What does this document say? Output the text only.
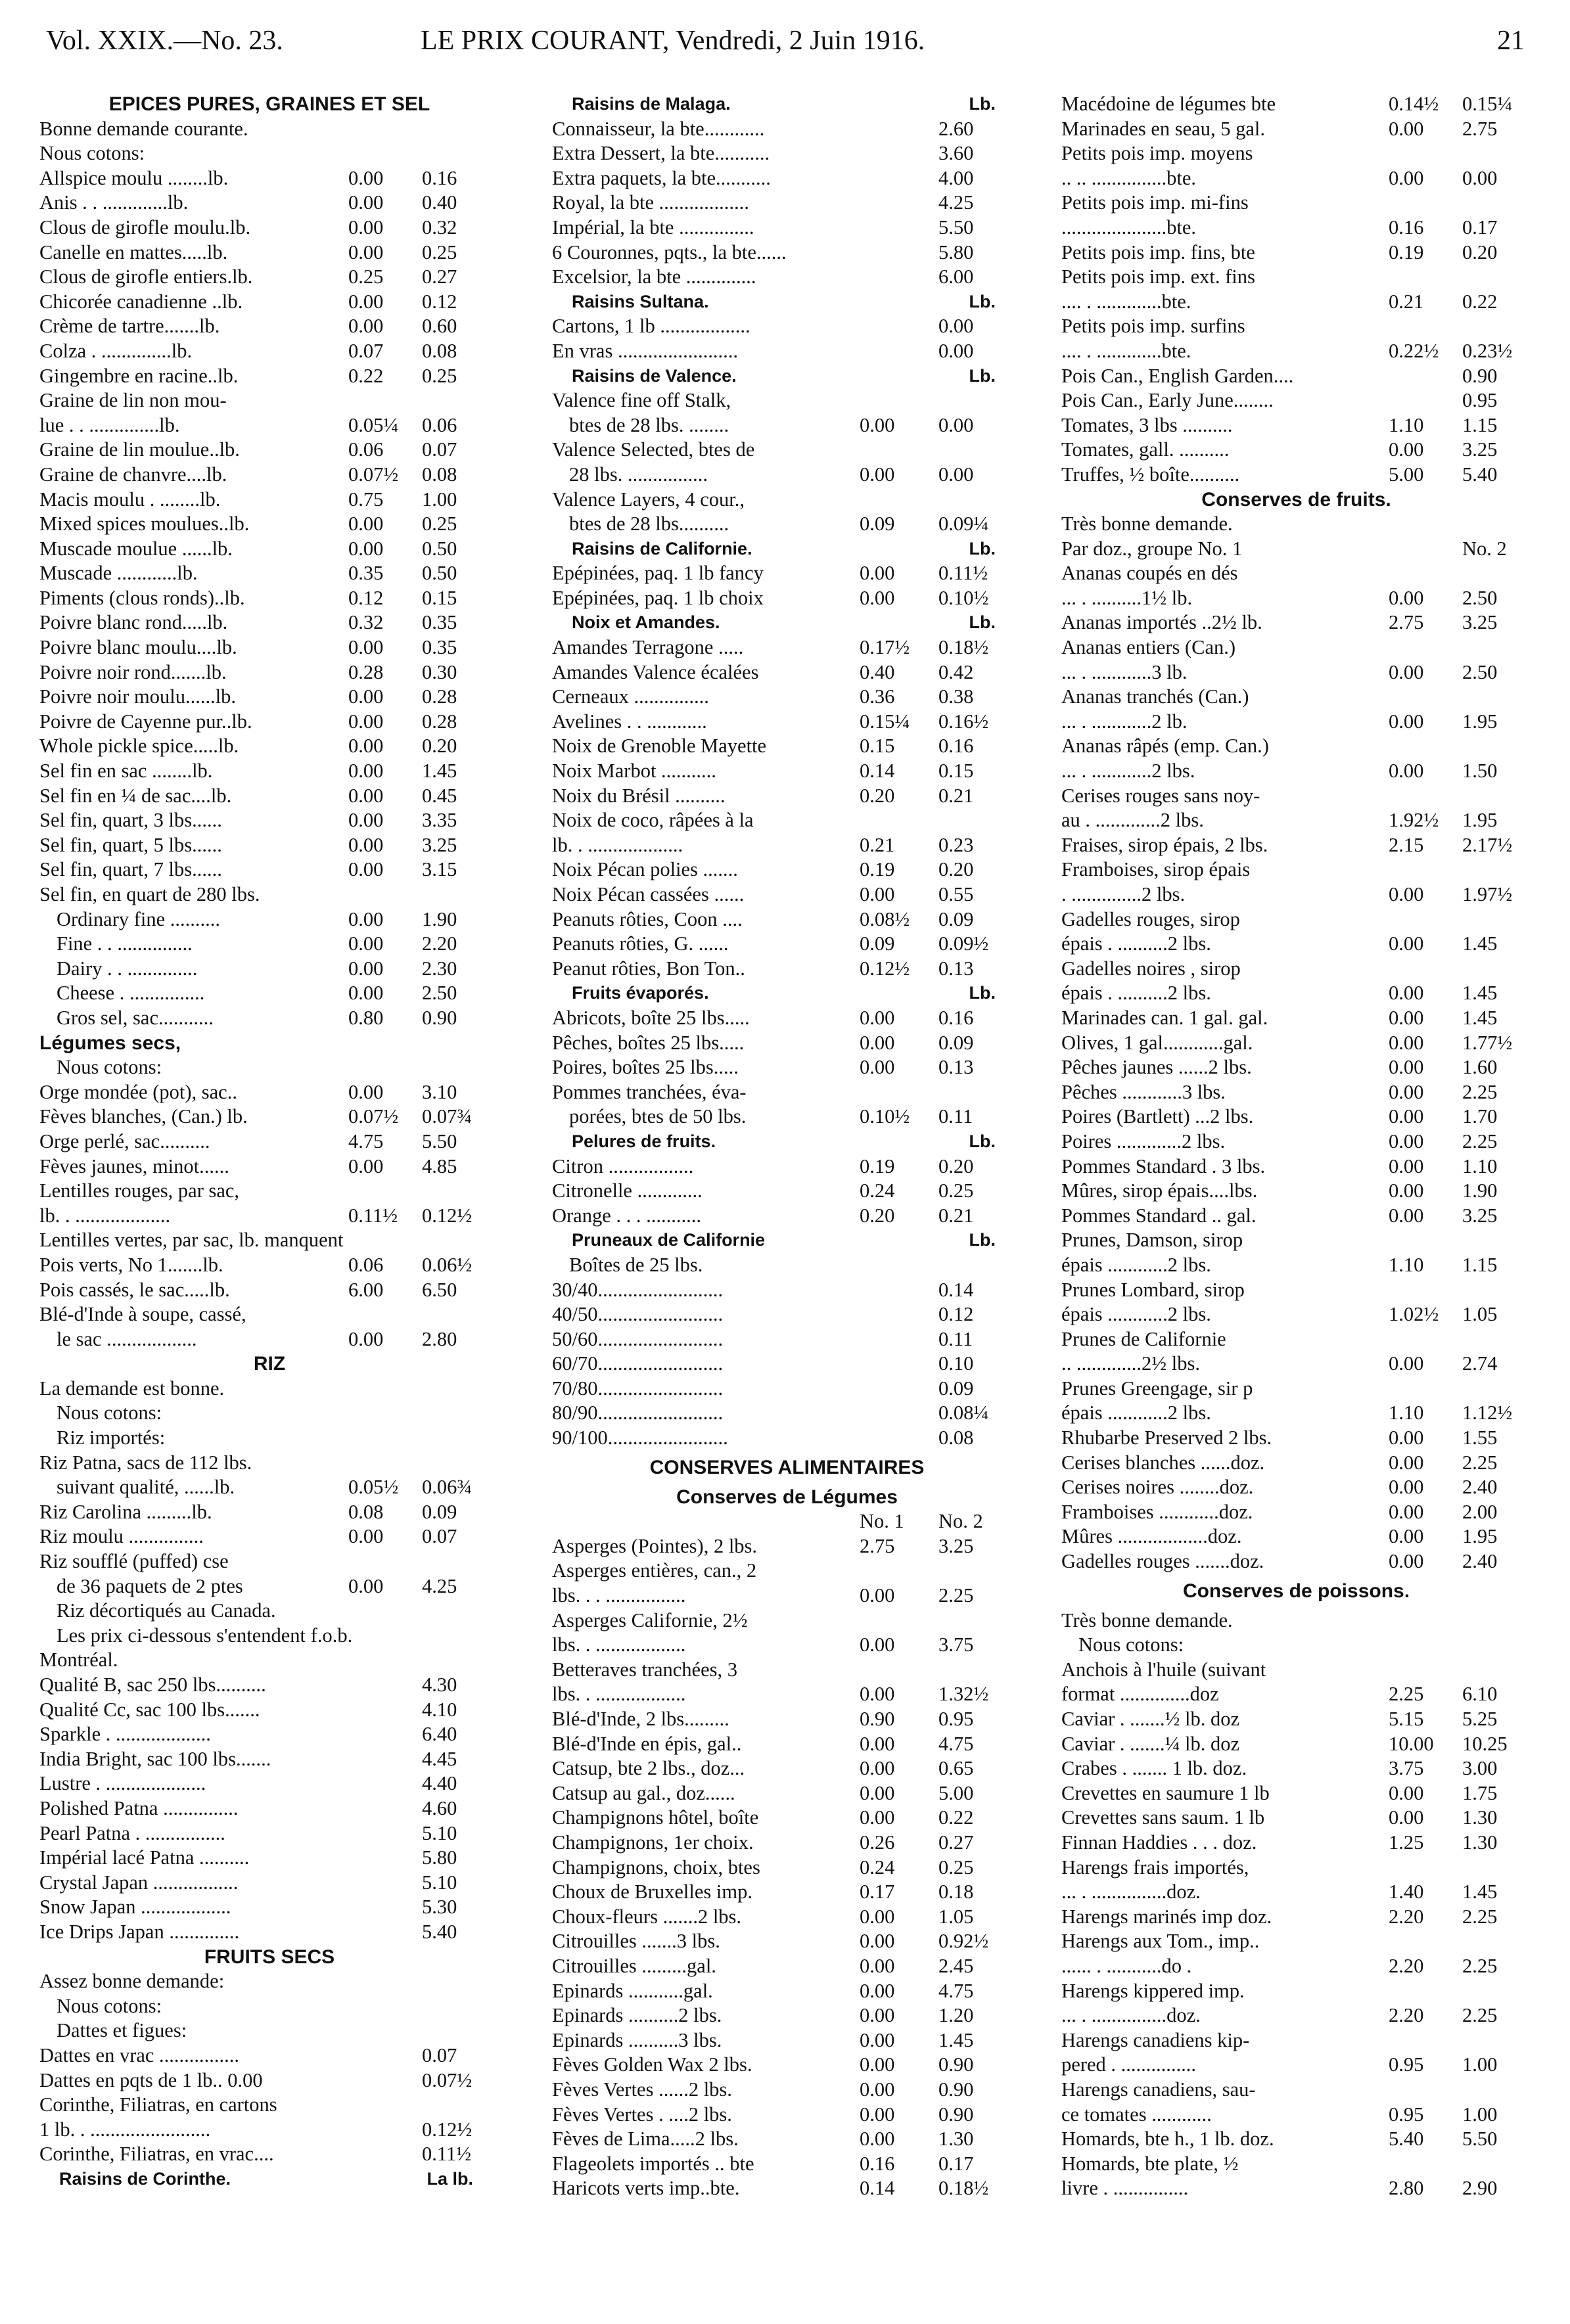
Vol. XXIX.—No. 23.	LE PRIX COURANT, Vendredi, 2 Juin 1916.	21
EPICES PURES, GRAINES ET SEL
Bonne demande courante.
Nous cotons:
Allspice moulu ........lb.	0.00 0.16
Anis . . .............lb.	0.00 0.40
Clous de girofle moulu.lb.	0.00 0.32
Canelle en mattes.....lb.	0.00 0.25
Clous de girofle entiers.lb.	0.25 0.27
Chicorée canadienne ..lb.	0.00 0.12
Crème de tartre.......lb.	0.00 0.60
Colza . ..............lb.	0.07 0.08
Gingembre en racine..lb.	0.22 0.25
Graine de lin non mou-
lue . . ..............lb.	0.05¼ 0.06
Graine de lin moulue..lb.	0.06 0.07
Graine de chanvre....lb.	0.07½ 0.08
Macis moulu . ........lb.	0.75 1.00
Mixed spices moulues..lb.	0.00 0.25
Muscade moulue ......lb.	0.00 0.50
Muscade ............lb.	0.35 0.50
Piments (clous ronds)..lb.	0.12 0.15
Poivre blanc rond.....lb.	0.32 0.35
Poivre blanc moulu....lb.	0.00 0.35
Poivre noir rond.......lb.	0.28 0.30
Poivre noir moulu......lb.	0.00 0.28
Poivre de Cayenne pur..lb.	0.00 0.28
Whole pickle spice.....lb.	0.00 0.20
Sel fin en sac ........lb.	0.00 1.45
Sel fin en ¼ de sac....lb.	0.00 0.45
Sel fin, quart, 3 lbs......	0.00 3.35
Sel fin, quart, 5 lbs......	0.00 3.25
Sel fin, quart, 7 lbs......	0.00 3.15
Sel fin, en quart de 280 lbs.
Ordinary fine ..........	0.00 1.90
Fine . . ...............	0.00 2.20
Dairy . . ..............	0.00 2.30
Cheese . ...............	0.00 2.50
Gros sel, sac...........	0.80 0.90
Légumes secs,
Nous cotons:
Orge mondée (pot), sac..	0.00 3.10
Fèves blanches, (Can.) lb.	0.07½ 0.07¾
Orge perlé, sac..........	4.75 5.50
Fèves jaunes, minot......	0.00 4.85
Lentilles rouges, par sac,
lb. . ...................	0.11½ 0.12½
Lentilles vertes, par sac, lb. manquent
Pois verts, No 1.......lb.	0.06 0.06½
Pois cassés, le sac.....lb.	6.00 6.50
Blé-d'Inde à soupe, cassé,
le sac ..................	0.00 2.80
RIZ
La demande est bonne.
Nous cotons:
Riz importés:
Riz Patna, sacs de 112 lbs.
suivant qualité, ......lb.	0.05½ 0.06¾
Riz Carolina .........lb.	0.08 0.09
Riz moulu ...............	0.00 0.07
Riz soufflé (puffed) cse
de 36 paquets de 2 ptes	0.00 4.25
Riz décortiqués au Canada.
Les prix ci-dessous s'entendent f.o.b.
Montréal.
Qualité B, sac 250 lbs..........	4.30
Qualité Cc, sac 100 lbs.......	4.10
Sparkle . ...................	6.40
India Bright, sac 100 lbs.......	4.45
Lustre . ....................	4.40
Polished Patna ...............	4.60
Pearl Patna . ................	5.10
Impérial lacé Patna ..........	5.80
Crystal Japan .................	5.10
Snow Japan ..................	5.30
Ice Drips Japan ..............	5.40
FRUITS SECS
Assez bonne demande:
Nous cotons:
Dattes et figues:
Dattes en vrac ................	0.07
Dattes en pqts de 1 lb.. 0.00	0.07½
Corinthe, Filiatras, en cartons
1 lb. . ........................	0.12½
Corinthe, Filiatras, en vrac....	0.11½
Raisins de Corinthe.	La lb.
Raisins de Malaga.	Lb.
Connaisseur, la bte............	2.60
Extra Dessert, la bte...........	3.60
Extra paquets, la bte...........	4.00
Royal, la bte ..................	4.25
Impérial, la bte ...............	5.50
6 Couronnes, pqts., la bte......	5.80
Excelsior, la bte ..............	6.00
Raisins Sultana.	Lb.
Cartons, 1 lb ..................	0.00
En vras ........................	0.00
Raisins de Valence.	Lb.
Valence fine off Stalk,
btes de 28 lbs. ........	0.00 0.00
Valence Selected, btes de
28 lbs. ................	0.00 0.00
Valence Layers, 4 cour.,
btes de 28 lbs..........	0.09 0.09¼
Raisins de Californie.	Lb.
Epépinées, paq. 1 lb fancy	0.00 0.11½
Epépinées, paq. 1 lb choix	0.00 0.10½
Noix et Amandes.	Lb.
Amandes Terragone .....	0.17½ 0.18½
Amandes Valence écalées	0.40 0.42
Cerneaux ...............	0.36 0.38
Avelines . . ............	0.15¼ 0.16½
Noix de Grenoble Mayette	0.15 0.16
Noix Marbot ...........	0.14 0.15
Noix du Brésil ..........	0.20 0.21
Noix de coco, râpées à la
lb. . ...................	0.21 0.23
Noix Pécan polies .......	0.19 0.20
Noix Pécan cassées ......	0.00 0.55
Peanuts rôties, Coon ....	0.08½ 0.09
Peanuts rôties, G. ......	0.09 0.09½
Peanut rôties, Bon Ton..	0.12½ 0.13
Fruits évaporés.	Lb.
Abricots, boîte 25 lbs.....	0.00 0.16
Pêches, boîtes 25 lbs.....	0.00 0.09
Poires, boîtes 25 lbs.....	0.00 0.13
Pommes tranchées, éva-
porées, btes de 50 lbs.	0.10½ 0.11
Pelures de fruits.	Lb.
Citron .................	0.19 0.20
Citronelle .............	0.24 0.25
Orange . . . ...........	0.20 0.21
Pruneaux de Californie	Lb.
Boîtes de 25 lbs.
30/40.........................	0.14
40/50.........................	0.12
50/60.........................	0.11
60/70.........................	0.10
70/80.........................	0.09
80/90.........................	0.08¼
90/100........................	0.08
CONSERVES ALIMENTAIRES
Conserves de Légumes
No. 1 No. 2
Asperges (Pointes), 2 lbs.	2.75 3.25
Asperges entières, can., 2
lbs. . . ................	0.00 2.25
Asperges Californie, 2½
lbs. . ..................	0.00 3.75
Betteraves tranchées, 3
lbs. . ..................	0.00 1.32½
Blé-d'Inde, 2 lbs.........	0.90 0.95
Blé-d'Inde en épis, gal..	0.00 4.75
Catsup, bte 2 lbs., doz...	0.00 0.65
Catsup au gal., doz......	0.00 5.00
Champignons hôtel, boîte	0.00 0.22
Champignons, 1er choix.	0.26 0.27
Champignons, choix, btes	0.24 0.25
Choux de Bruxelles imp.	0.17 0.18
Choux-fleurs .......2 lbs.	0.00 1.05
Citrouilles .......3 lbs.	0.00 0.92½
Citrouilles .........gal.	0.00 2.45
Epinards ...........gal.	0.00 4.75
Epinards ..........2 lbs.	0.00 1.20
Epinards ..........3 lbs.	0.00 1.45
Fèves Golden Wax 2 lbs.	0.00 0.90
Fèves Vertes ......2 lbs.	0.00 0.90
Fèves Vertes . ....2 lbs.	0.00 0.90
Fèves de Lima.....2 lbs.	0.00 1.30
Flageolets importés .. bte	0.16 0.17
Haricots verts imp..bte.	0.14 0.18½
Macédoine de légumes bte	0.14½ 0.15¼
Marinades en seau, 5 gal.	0.00 2.75
Petits pois imp. moyens
.. .. ...............bte.	0.00 0.00
Petits pois imp. mi-fins
.....................bte.	0.16 0.17
Petits pois imp. fins, bte	0.19 0.20
Petits pois imp. ext. fins
.... . .............bte.	0.21 0.22
Petits pois imp. surfins
.... . .............bte.	0.22½ 0.23½
Pois Can., English Garden....	0.90
Pois Can., Early June........	0.95
Tomates, 3 lbs ..........	1.10 1.15
Tomates, gall. ..........	0.00 3.25
Truffes, ½ boîte..........	5.00 5.40
Conserves de fruits.
Très bonne demande.
Par doz., groupe No. 1	No. 2
Ananas coupés en dés
... . ..........1½ lb.	0.00 2.50
Ananas importés ..2½ lb.	2.75 3.25
Ananas entiers (Can.)
... . ............3 lb.	0.00 2.50
Ananas tranchés (Can.)
... . ............2 lb.	0.00 1.95
Ananas râpés (emp. Can.)
... . ............2 lbs.	0.00 1.50
Cerises rouges sans noy-
au . .............2 lbs.	1.92½ 1.95
Fraises, sirop épais, 2 lbs.	2.15 2.17½
Framboises, sirop épais
. ..............2 lbs.	0.00 1.97½
Gadelles rouges, sirop
épais . ..........2 lbs.	0.00 1.45
Gadelles noires , sirop
épais . ..........2 lbs.	0.00 1.45
Marinades can. 1 gal. gal.	0.00 1.45
Olives, 1 gal............gal.	0.00 1.77½
Pêches jaunes ......2 lbs.	0.00 1.60
Pêches ............3 lbs.	0.00 2.25
Poires (Bartlett) ...2 lbs.	0.00 1.70
Poires .............2 lbs.	0.00 2.25
Pommes Standard . 3 lbs.	0.00 1.10
Mûres, sirop épais....lbs.	0.00 1.90
Pommes Standard .. gal.	0.00 3.25
Prunes, Damson, sirop
épais ............2 lbs.	1.10 1.15
Prunes Lombard, sirop
épais ............2 lbs.	1.02½ 1.05
Prunes de Californie
.. .............2½ lbs.	0.00 2.74
Prunes Greengage, sir p
épais ............2 lbs.	1.10 1.12½
Rhubarbe Preserved 2 lbs.	0.00 1.55
Cerises blanches ......doz.	0.00 2.25
Cerises noires ........doz.	0.00 2.40
Framboises ............doz.	0.00 2.00
Mûres ..................doz.	0.00 1.95
Gadelles rouges .......doz.	0.00 2.40
Conserves de poissons.
Très bonne demande.
Nous cotons:
Anchois à l'huile (suivant
format ..............doz	2.25 6.10
Caviar . .......½ lb. doz	5.15 5.25
Caviar . .......¼ lb. doz	10.00 10.25
Crabes . ....... 1 lb. doz.	3.75 3.00
Crevettes en saumure 1 lb	0.00 1.75
Crevettes sans saum. 1 lb	0.00 1.30
Finnan Haddies . . . doz.	1.25 1.30
Harengs frais importés,
... . ...............doz.	1.40 1.45
Harengs marinés imp doz.	2.20 2.25
Harengs aux Tom., imp..
...... . ...........do .	2.20 2.25
Harengs kippered imp.
... . ...............doz.	2.20 2.25
Harengs canadiens kip-
pered . ...............	0.95 1.00
Harengs canadiens, sau-
ce tomates ............	0.95 1.00
Homards, bte h., 1 lb. doz.	5.40 5.50
Homards, bte plate, ½
livre . ...............	2.80 2.90
